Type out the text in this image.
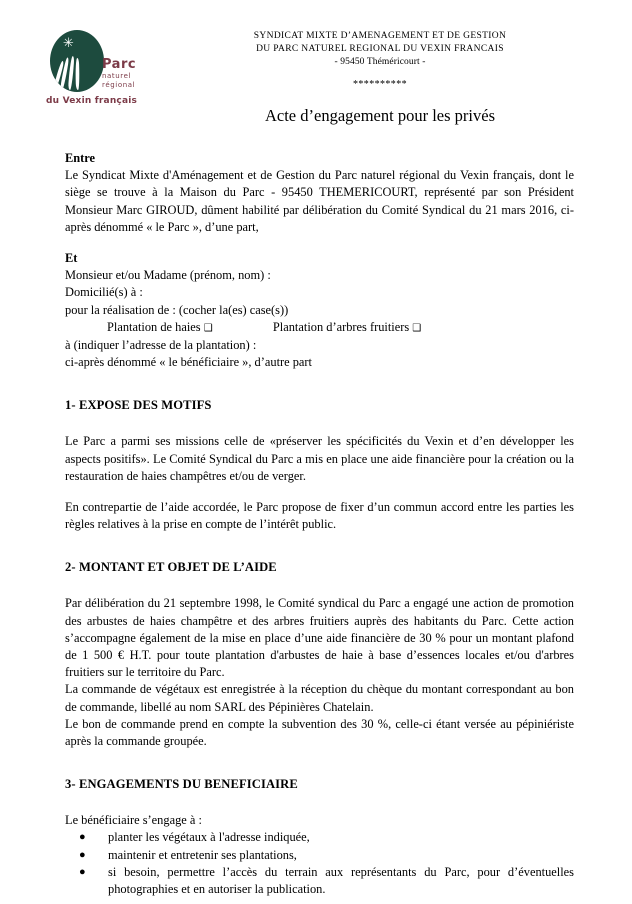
✳
Parc
naturel
régional
du Vexin français
SYNDICAT MIXTE D’AMENAGEMENT ET DE GESTION
DU PARC NATUREL REGIONAL DU VEXIN FRANCAIS
- 95450 Théméricourt -
**********
Acte d’engagement pour les privés
Entre

Le Syndicat Mixte d'Aménagement et de Gestion du Parc naturel régional du Vexin français, dont le siège se trouve à la Maison du Parc - 95450 THEMERICOURT, représenté par son Président Monsieur Marc GIROUD, dûment habilité par délibération du Comité Syndical du 21 mars 2016, ci-après dénommé « le Parc », d’une part,

Et
Monsieur et/ou Madame (prénom, nom) :
Domicilié(s) à :
pour la réalisation de : (cocher la(es) case(s))
Plantation de haies ❑	Plantation d’arbres fruitiers ❑
à (indiquer l’adresse de la plantation) :
ci-après dénommé « le bénéficiaire », d’autre part
1- EXPOSE DES MOTIFS

Le Parc a parmi ses missions celle de «préserver les spécificités du Vexin et d’en développer les aspects positifs». Le Comité Syndical du Parc a mis en place une aide financière pour la création ou la restauration de haies champêtres et/ou de verger.

En contrepartie de l’aide accordée, le Parc propose de fixer d’un commun accord entre les parties les règles relatives à la prise en compte de l’intérêt public.

2- MONTANT ET OBJET DE L’AIDE

Par délibération du 21 septembre 1998, le Comité syndical du Parc a engagé une action de promotion des arbustes de haies champêtre et des arbres fruitiers auprès des habitants du Parc. Cette action s’accompagne également de la mise en place d’une aide financière de 30 % pour un montant plafond de 1 500 € H.T. pour toute plantation d'arbustes de haie à base d’essences locales et/ou d'arbres fruitiers sur le territoire du Parc.

La commande de végétaux est enregistrée à la réception du chèque du montant correspondant au bon de commande, libellé au nom SARL des Pépinières Chatelain.

Le bon de commande prend en compte la subvention des 30 %, celle-ci étant versée au pépiniériste après la commande groupée.

3- ENGAGEMENTS DU BENEFICIAIRE
Le bénéficiaire s’engage à :
● planter les végétaux à l'adresse indiquée,
● maintenir et entretenir ses plantations,
● si besoin, permettre l’accès du terrain aux représentants du Parc, pour d’éventuelles photographies et en autoriser la publication.
